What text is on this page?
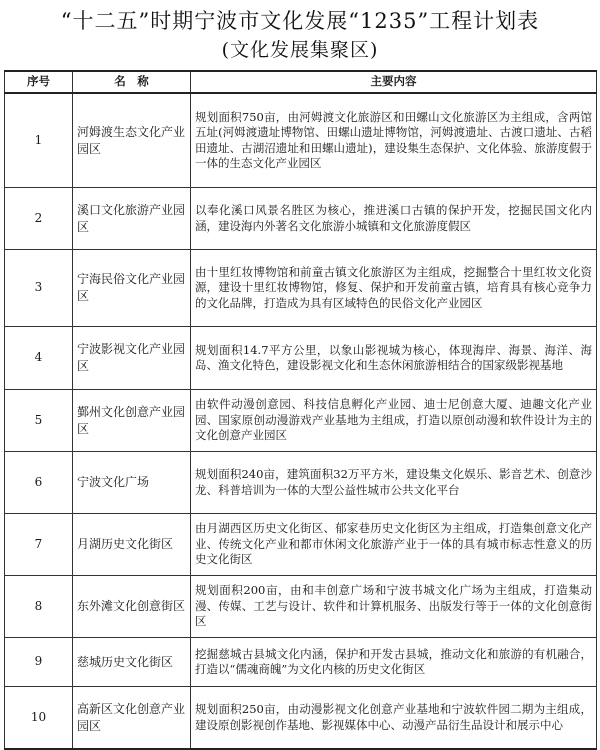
“十二五”时期宁波市文化发展“1235”工程计划表
(文化发展集聚区)
序号	名　称	主要内容
1	河姆渡生态文化产业园区	规划面积750亩，由河姆渡文化旅游区和田螺山文化旅游区为主组成，含两馆五址(河姆渡遗址博物馆、田螺山遗址博物馆，河姆渡遗址、古渡口遗址、古稻田遗址、古湖沼遗址和田螺山遗址)，建设集生态保护、文化体验、旅游度假于一体的生态文化产业园区
2	溪口文化旅游产业园区	以奉化溪口风景名胜区为核心，推进溪口古镇的保护开发，挖掘民国文化内涵，建设海内外著名文化旅游小城镇和文化旅游度假区
3	宁海民俗文化产业园区	由十里红妆博物馆和前童古镇文化旅游区为主组成，挖掘整合十里红妆文化资源，建设十里红妆博物馆，修复、保护和开发前童古镇，培育具有核心竞争力的文化品牌，打造成为具有区域特色的民俗文化产业园区
4	宁波影视文化产业园区	规划面积14.7平方公里，以象山影视城为核心，体现海岸、海景、海洋、海岛、渔文化特色，建设影视文化和生态休闲旅游相结合的国家级影视基地
5	鄞州文化创意产业园区	由软件动漫创意园、科技信息孵化产业园、迪士尼创意大厦、迪趣文化产业园、国家原创动漫游戏产业基地为主组成，打造以原创动漫和软件设计为主的文化创意产业园区
6	宁波文化广场	规划面积240亩，建筑面积32万平方米，建设集文化娱乐、影音艺术、创意沙龙、科普培训为一体的大型公益性城市公共文化平台
7	月湖历史文化街区	由月湖西区历史文化街区、郁家巷历史文化街区为主组成，打造集创意文化产业、传统文化产业和都市休闲文化旅游产业于一体的具有城市标志性意义的历史文化街区
8	东外滩文化创意街区	规划面积200亩，由和丰创意广场和宁波书城文化广场为主组成，打造集动漫、传媒、工艺与设计、软件和计算机服务、出版发行等于一体的文化创意街区
9	慈城历史文化街区	挖掘慈城古县城文化内涵，保护和开发古县城，推动文化和旅游的有机融合，打造以“儒魂商魄”为文化内核的历史文化街区
10	高新区文化创意产业园区	规划面积250亩，由动漫影视文化创意产业基地和宁波软件园二期为主组成，建设原创影视创作基地、影视媒体中心、动漫产品衍生品设计和展示中心
